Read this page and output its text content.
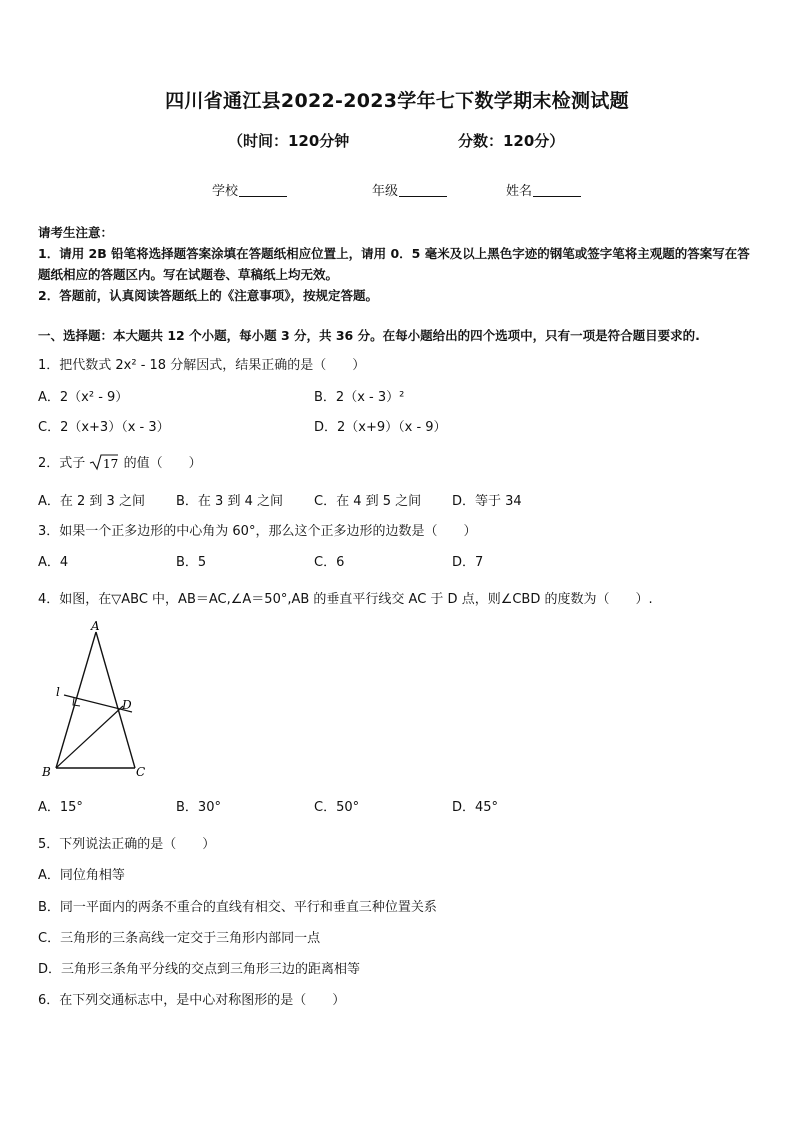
四川省通江县2022-2023学年七下数学期末检测试题
（时间：120分钟	分数：120分）
学校	年级	姓名
请考生注意：
1．请用 2B 铅笔将选择题答案涂填在答题纸相应位置上，请用 0．5 毫米及以上黑色字迹的钢笔或签字笔将主观题的答案写在答题纸相应的答题区内。写在试题卷、草稿纸上均无效。
2．答题前，认真阅读答题纸上的《注意事项》，按规定答题。
一、选择题：本大题共 12 个小题，每小题 3 分，共 36 分。在每小题给出的四个选项中，只有一项是符合题目要求的.
1．把代数式 2x² - 18 分解因式，结果正确的是（　　）
A．2（x² - 9）	B．2（x - 3）²
C．2（x+3）（x - 3）	D．2（x+9）（x - 9）
2．式子 17 的值（　　）
A．在 2 到 3 之间 B．在 3 到 4 之间 C．在 4 到 5 之间 D．等于 34
3．如果一个正多边形的中心角为 60°，那么这个正多边形的边数是（　　）
A．4	B．5	C．6	D．7
4．如图，在▽ABC 中，AB＝AC,∠A＝50°,AB 的垂直平行线交 AC 于 D 点，则∠CBD 的度数为（　　）.
A
B	C
D
l
A．15°	B．30°	C．50°	D．45°
5．下列说法正确的是（　　）
A．同位角相等
B．同一平面内的两条不重合的直线有相交、平行和垂直三种位置关系
C．三角形的三条高线一定交于三角形内部同一点
D．三角形三条角平分线的交点到三角形三边的距离相等
6．在下列交通标志中，是中心对称图形的是（　　）
